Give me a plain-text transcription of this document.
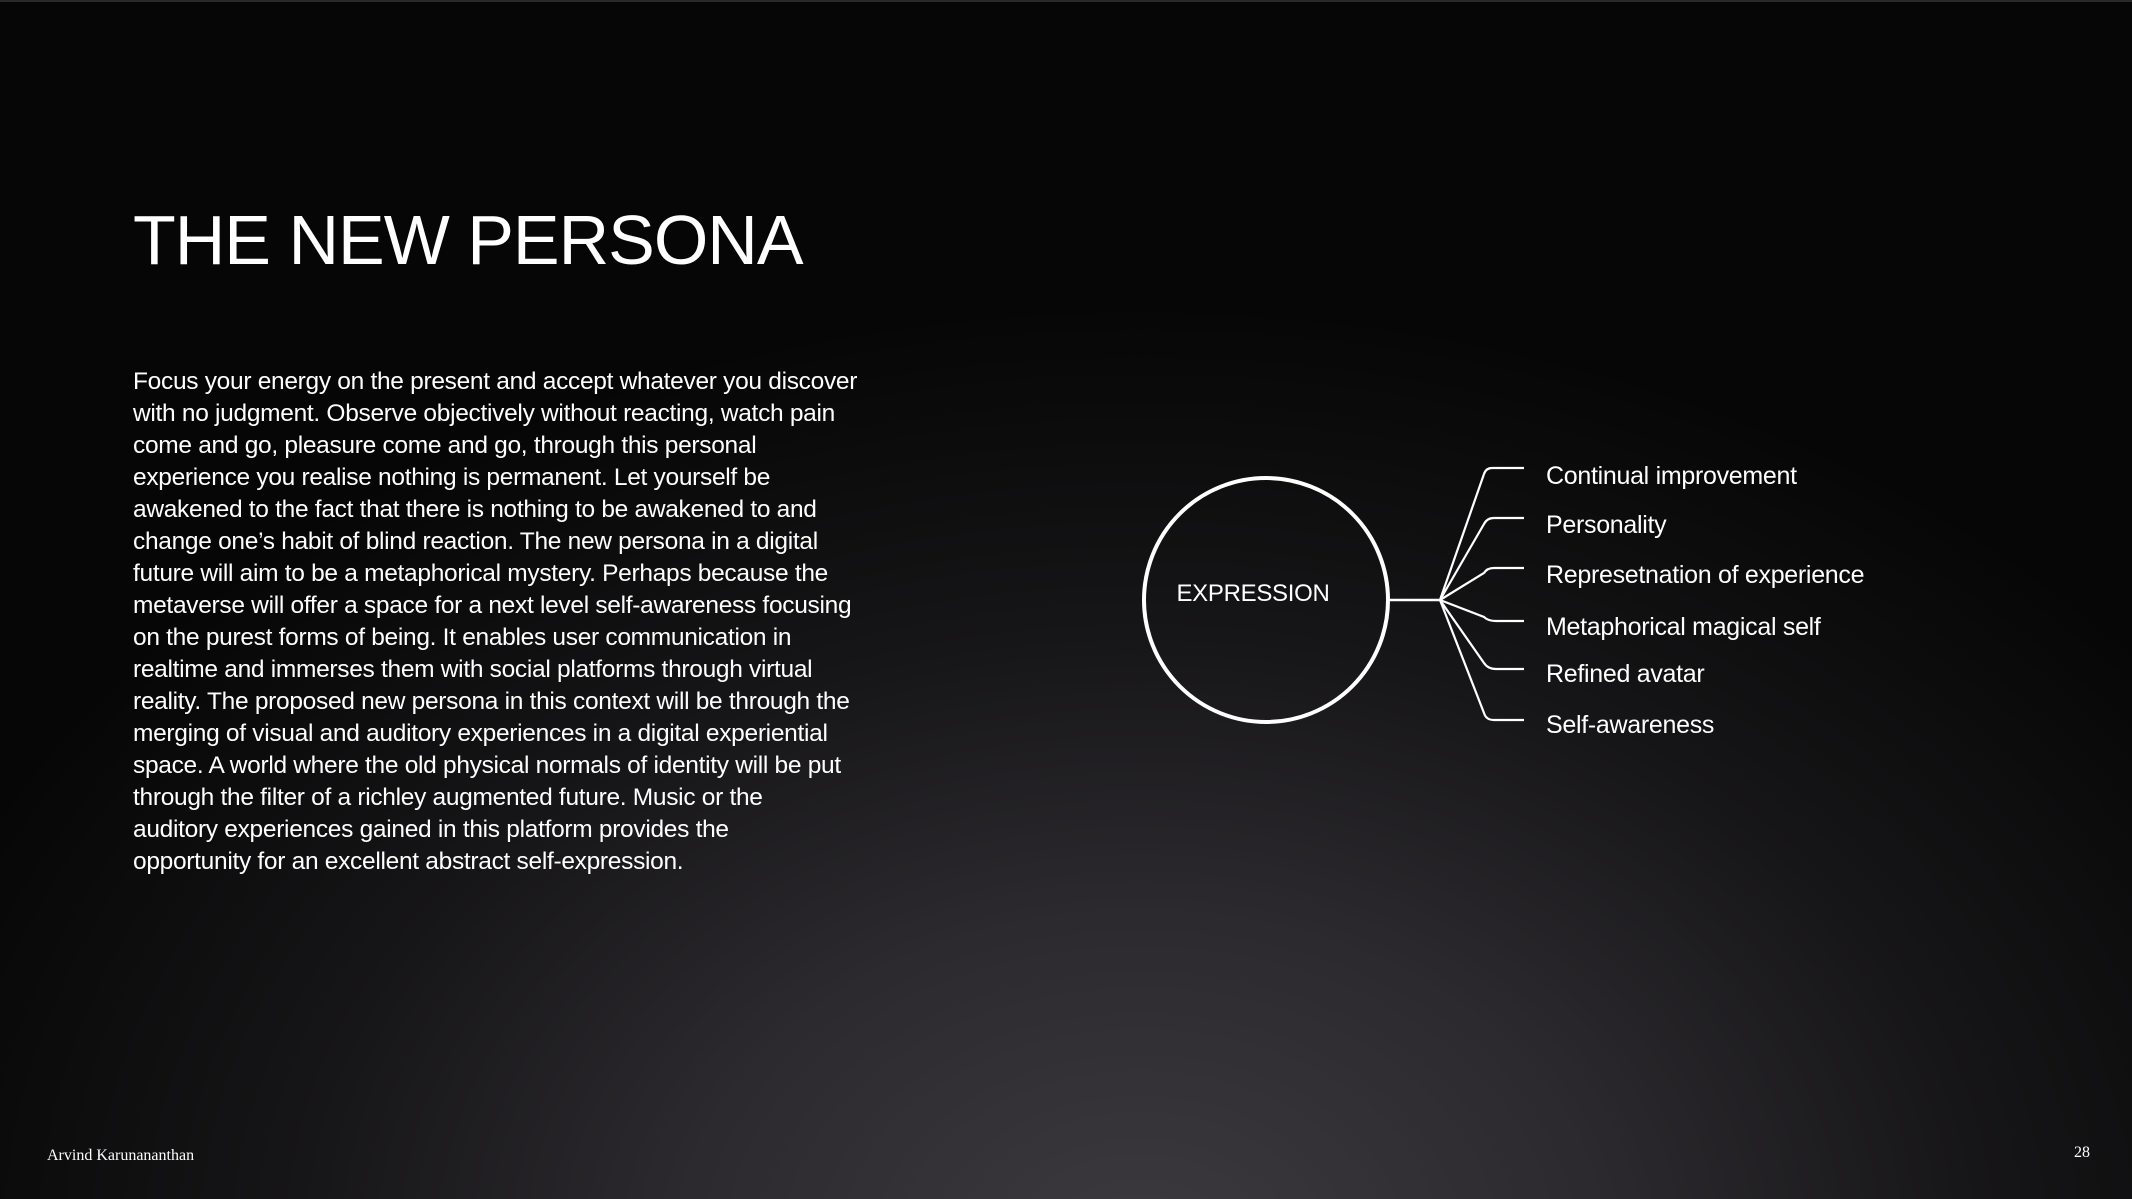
THE NEW PERSONA

Focus your energy on the present and accept whatever you discover
with no judgment. Observe objectively without reacting, watch pain
come and go, pleasure come and go, through this personal
experience you realise nothing is permanent. Let yourself be
awakened to the fact that there is nothing to be awakened to and
change one’s habit of blind reaction. The new persona in a digital
future will aim to be a metaphorical mystery. Perhaps because the
metaverse will offer a space for a next level self-awareness focusing
on the purest forms of being. It enables user communication in
realtime and immerses them with social platforms through virtual
reality. The proposed new persona in this context will be through the
merging of visual and auditory experiences in a digital experiential
space. A world where the old physical normals of identity will be put
through the filter of a richley augmented future. Music or the
auditory experiences gained in this platform provides the
opportunity for an excellent abstract self-expression.

EXPRESSION
Continual improvement
Personality
Represetnation of experience
Metaphorical magical self
Refined avatar
Self-awareness
Arvind Karunananthan	28
